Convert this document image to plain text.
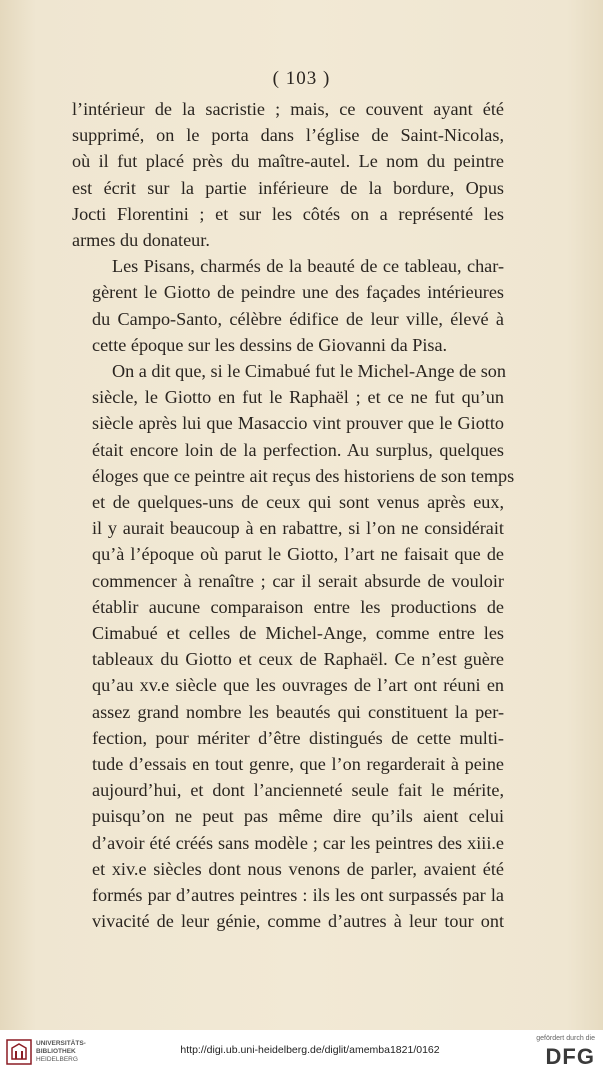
( 103 )

l’intérieur de la sacristie ; mais, ce couvent ayant été
supprimé, on le porta dans l’église de Saint-Nicolas,
où il fut placé près du maître-autel. Le nom du peintre
est écrit sur la partie inférieure de la bordure, Opus
Jocti Florentini ; et sur les côtés on a représenté les
armes du donateur.

Les Pisans, charmés de la beauté de ce tableau, char-
gèrent le Giotto de peindre une des façades intérieures
du Campo-Santo, célèbre édifice de leur ville, élevé à
cette époque sur les dessins de Giovanni da Pisa.

On a dit que, si le Cimabué fut le Michel-Ange de son
siècle, le Giotto en fut le Raphaël ; et ce ne fut qu’un
siècle après lui que Masaccio vint prouver que le Giotto
était encore loin de la perfection. Au surplus, quelques
éloges que ce peintre ait reçus des historiens de son temps
et de quelques-uns de ceux qui sont venus après eux,
il y aurait beaucoup à en rabattre, si l’on ne considérait
qu’à l’époque où parut le Giotto, l’art ne faisait que de
commencer à renaître ; car il serait absurde de vouloir
établir aucune comparaison entre les productions de
Cimabué et celles de Michel-Ange, comme entre les
tableaux du Giotto et ceux de Raphaël. Ce n’est guère
qu’au xv.e siècle que les ouvrages de l’art ont réuni en
assez grand nombre les beautés qui constituent la per-
fection, pour mériter d’être distingués de cette multi-
tude d’essais en tout genre, que l’on regarderait à peine
aujourd’hui, et dont l’ancienneté seule fait le mérite,
puisqu’on ne peut pas même dire qu’ils aient celui
d’avoir été créés sans modèle ; car les peintres des xiii.e
et xiv.e siècles dont nous venons de parler, avaient été
formés par d’autres peintres : ils les ont surpassés par la
vivacité de leur génie, comme d’autres à leur tour ont

UNIVERSITÄTS-
BIBLIOTHEK
HEIDELBERG
http://digi.ub.uni-heidelberg.de/diglit/amemba1821/0162
gefördert durch die
DFG
